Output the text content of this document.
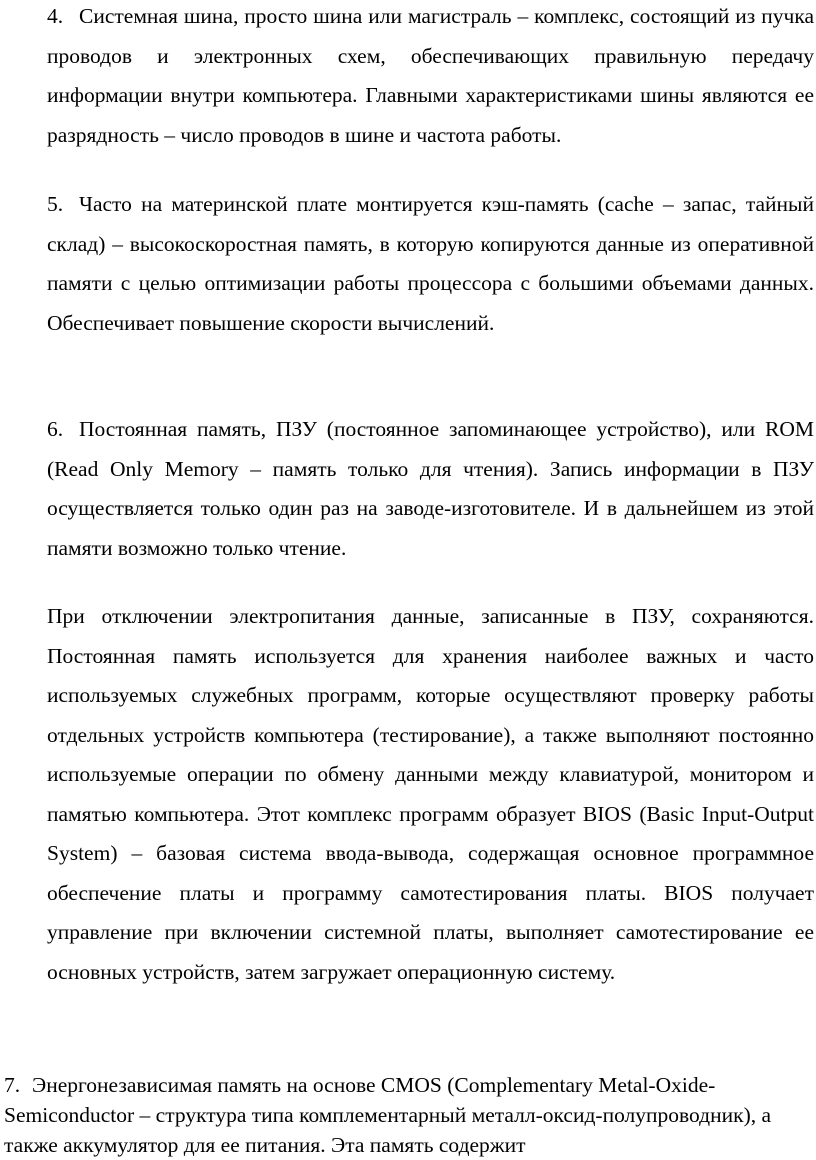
4. Системная шина, просто шина или магистраль – комплекс, состоящий из пучка проводов и электронных схем, обеспечивающих правильную передачу информации внутри компьютера. Главными характеристиками шины являются ее разрядность – число проводов в шине и частота работы.

5. Часто на материнской плате монтируется кэш-память (cache – запас, тайный склад) – высокоскоростная память, в которую копируются данные из оперативной памяти с целью оптимизации работы процессора с большими объемами данных. Обеспечивает повышение скорости вычислений.

6. Постоянная память, ПЗУ (постоянное запоминающее устройство), или ROM (Read Only Memory – память только для чтения). Запись информации в ПЗУ осуществляется только один раз на заводе-изготовителе. И в дальнейшем из этой памяти возможно только чтение.

При отключении электропитания данные, записанные в ПЗУ, сохраняются. Постоянная память используется для хранения наиболее важных и часто используемых служебных программ, которые осуществляют проверку работы отдельных устройств компьютера (тестирование), а также выполняют постоянно используемые операции по обмену данными между клавиатурой, монитором и памятью компьютера. Этот комплекс программ образует BIOS (Basic Input-Output System) – базовая система ввода-вывода, содержащая основное программное обеспечение платы и программу самотестирования платы. BIOS получает управление при включении системной платы, выполняет самотестирование ее основных устройств, затем загружает операционную систему.

7. Энергонезависимая память на основе CMOS (Complementary Metal-Oxide-Semiconductor – структура типа комплементарный металл-оксид-полупроводник), а также аккумулятор для ее питания. Эта память содержит
